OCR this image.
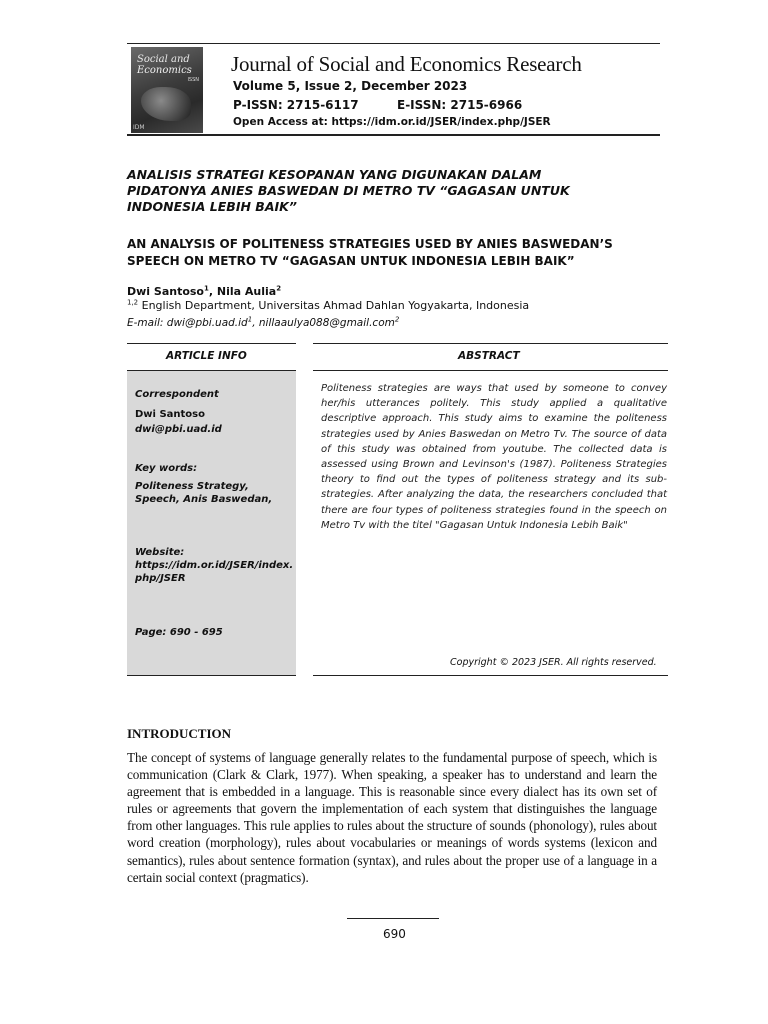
Social and
Economics
ISSN
IDM
Journal of Social and Economics Research
Volume 5, Issue 2, December 2023
P-ISSN: 2715-6117	E-ISSN: 2715-6966
Open Access at: https://idm.or.id/JSER/index.php/JSER
ANALISIS STRATEGI KESOPANAN YANG DIGUNAKAN DALAM
PIDATONYA ANIES BASWEDAN DI METRO TV “GAGASAN UNTUK
INDONESIA LEBIH BAIK”
AN ANALYSIS OF POLITENESS STRATEGIES USED BY ANIES BASWEDAN’S
SPEECH ON METRO TV “GAGASAN UNTUK INDONESIA LEBIH BAIK”
Dwi Santoso$^1$, Nila Aulia$^2$
$^{1,2}$ English Department, Universitas Ahmad Dahlan Yogyakarta, Indonesia
E-mail: $dwi@pbi.uad.id^1$, nillaaulya088@gmail.com$^2$
ARTICLE INFO	ABSTRACT
Correspondent
Dwi Santoso
dwi@pbi.uad.id
Key words:
Politeness Strategy,
Speech, Anis Baswedan,
Website:
https://idm.or.id/JSER/index.
php/JSER
Page: 690 - 695
Politeness strategies are ways that used by someone to convey her/his utterances politely. This study applied a qualitative descriptive approach. This study aims to examine the politeness strategies used by Anies Baswedan on Metro Tv. The source of data of this study was obtained from youtube. The collected data is assessed using Brown and Levinson's (1987). Politeness Strategies theory to find out the types of politeness strategy and its sub-strategies. After analyzing the data, the researchers concluded that there are four types of politeness strategies found in the speech on Metro Tv with the titel "Gagasan Untuk Indonesia Lebih Baik"
Copyright © 2023 JSER. All rights reserved.
INTRODUCTION
The concept of systems of language generally relates to the fundamental purpose of speech, which is communication (Clark & Clark, 1977). When speaking, a speaker has to understand and learn the agreement that is embedded in a language. This is reasonable since every dialect has its own set of rules or agreements that govern the implementation of each system that distinguishes the language from other languages. This rule applies to rules about the structure of sounds (phonology), rules about word creation (morphology), rules about vocabularies or meanings of words systems (lexicon and semantics), rules about sentence formation (syntax), and rules about the proper use of a language in a certain social context (pragmatics).
690
